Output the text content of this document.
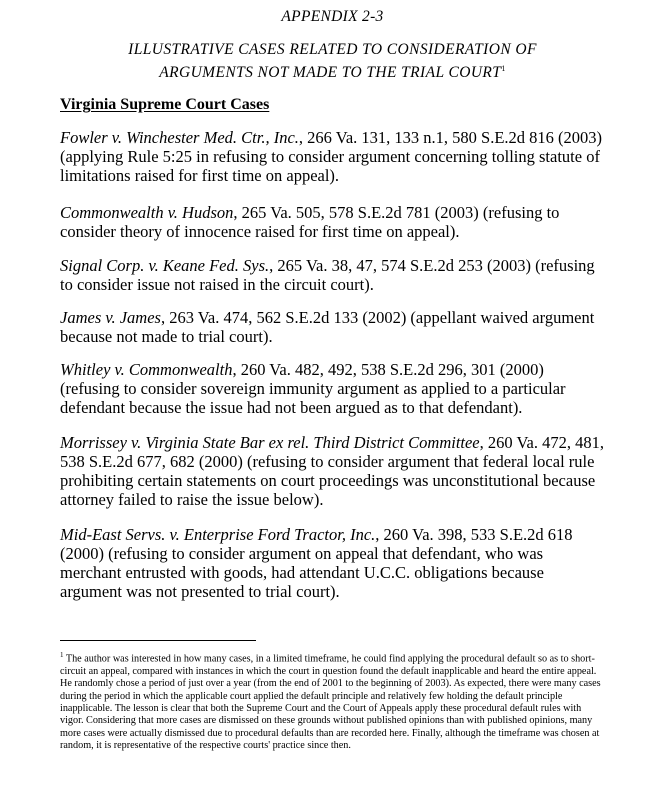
APPENDIX 2-3
ILLUSTRATIVE CASES RELATED TO CONSIDERATION OF
ARGUMENTS NOT MADE TO THE TRIAL COURT$^1$
Virginia Supreme Court Cases
Fowler v. Winchester Med. Ctr., Inc., 266 Va. 131, 133 n.1, 580 S.E.2d 816 (2003) (applying Rule 5:25 in refusing to consider argument concerning tolling statute of limitations raised for first time on appeal).
Commonwealth v. Hudson, 265 Va. 505, 578 S.E.2d 781 (2003) (refusing to consider theory of innocence raised for first time on appeal).
Signal Corp. v. Keane Fed. Sys., 265 Va. 38, 47, 574 S.E.2d 253 (2003) (refusing to consider issue not raised in the circuit court).
James v. James, 263 Va. 474, 562 S.E.2d 133 (2002) (appellant waived argument because not made to trial court).
Whitley v. Commonwealth, 260 Va. 482, 492, 538 S.E.2d 296, 301 (2000) (refusing to consider sovereign immunity argument as applied to a particular defendant because the issue had not been argued as to that defendant).
Morrissey v. Virginia State Bar ex rel. Third District Committee, 260 Va. 472, 481, 538 S.E.2d 677, 682 (2000) (refusing to consider argument that federal local rule prohibiting certain statements on court proceedings was unconstitutional because attorney failed to raise the issue below).
Mid-East Servs. v. Enterprise Ford Tractor, Inc., 260 Va. 398, 533 S.E.2d 618 (2000) (refusing to consider argument on appeal that defendant, who was merchant entrusted with goods, had attendant U.C.C. obligations because argument was not presented to trial court).
$^1$ The author was interested in how many cases, in a limited timeframe, he could find applying the procedural default so as to short-circuit an appeal, compared with instances in which the court in question found the default inapplicable and heard the entire appeal. He randomly chose a period of just over a year (from the end of 2001 to the beginning of 2003). As expected, there were many cases during the period in which the applicable court applied the default principle and relatively few holding the default principle inapplicable. The lesson is clear that both the Supreme Court and the Court of Appeals apply these procedural default rules with vigor. Considering that more cases are dismissed on these grounds without published opinions than with published opinions, many more cases were actually dismissed due to procedural defaults than are recorded here. Finally, although the timeframe was chosen at random, it is representative of the respective courts' practice since then.
